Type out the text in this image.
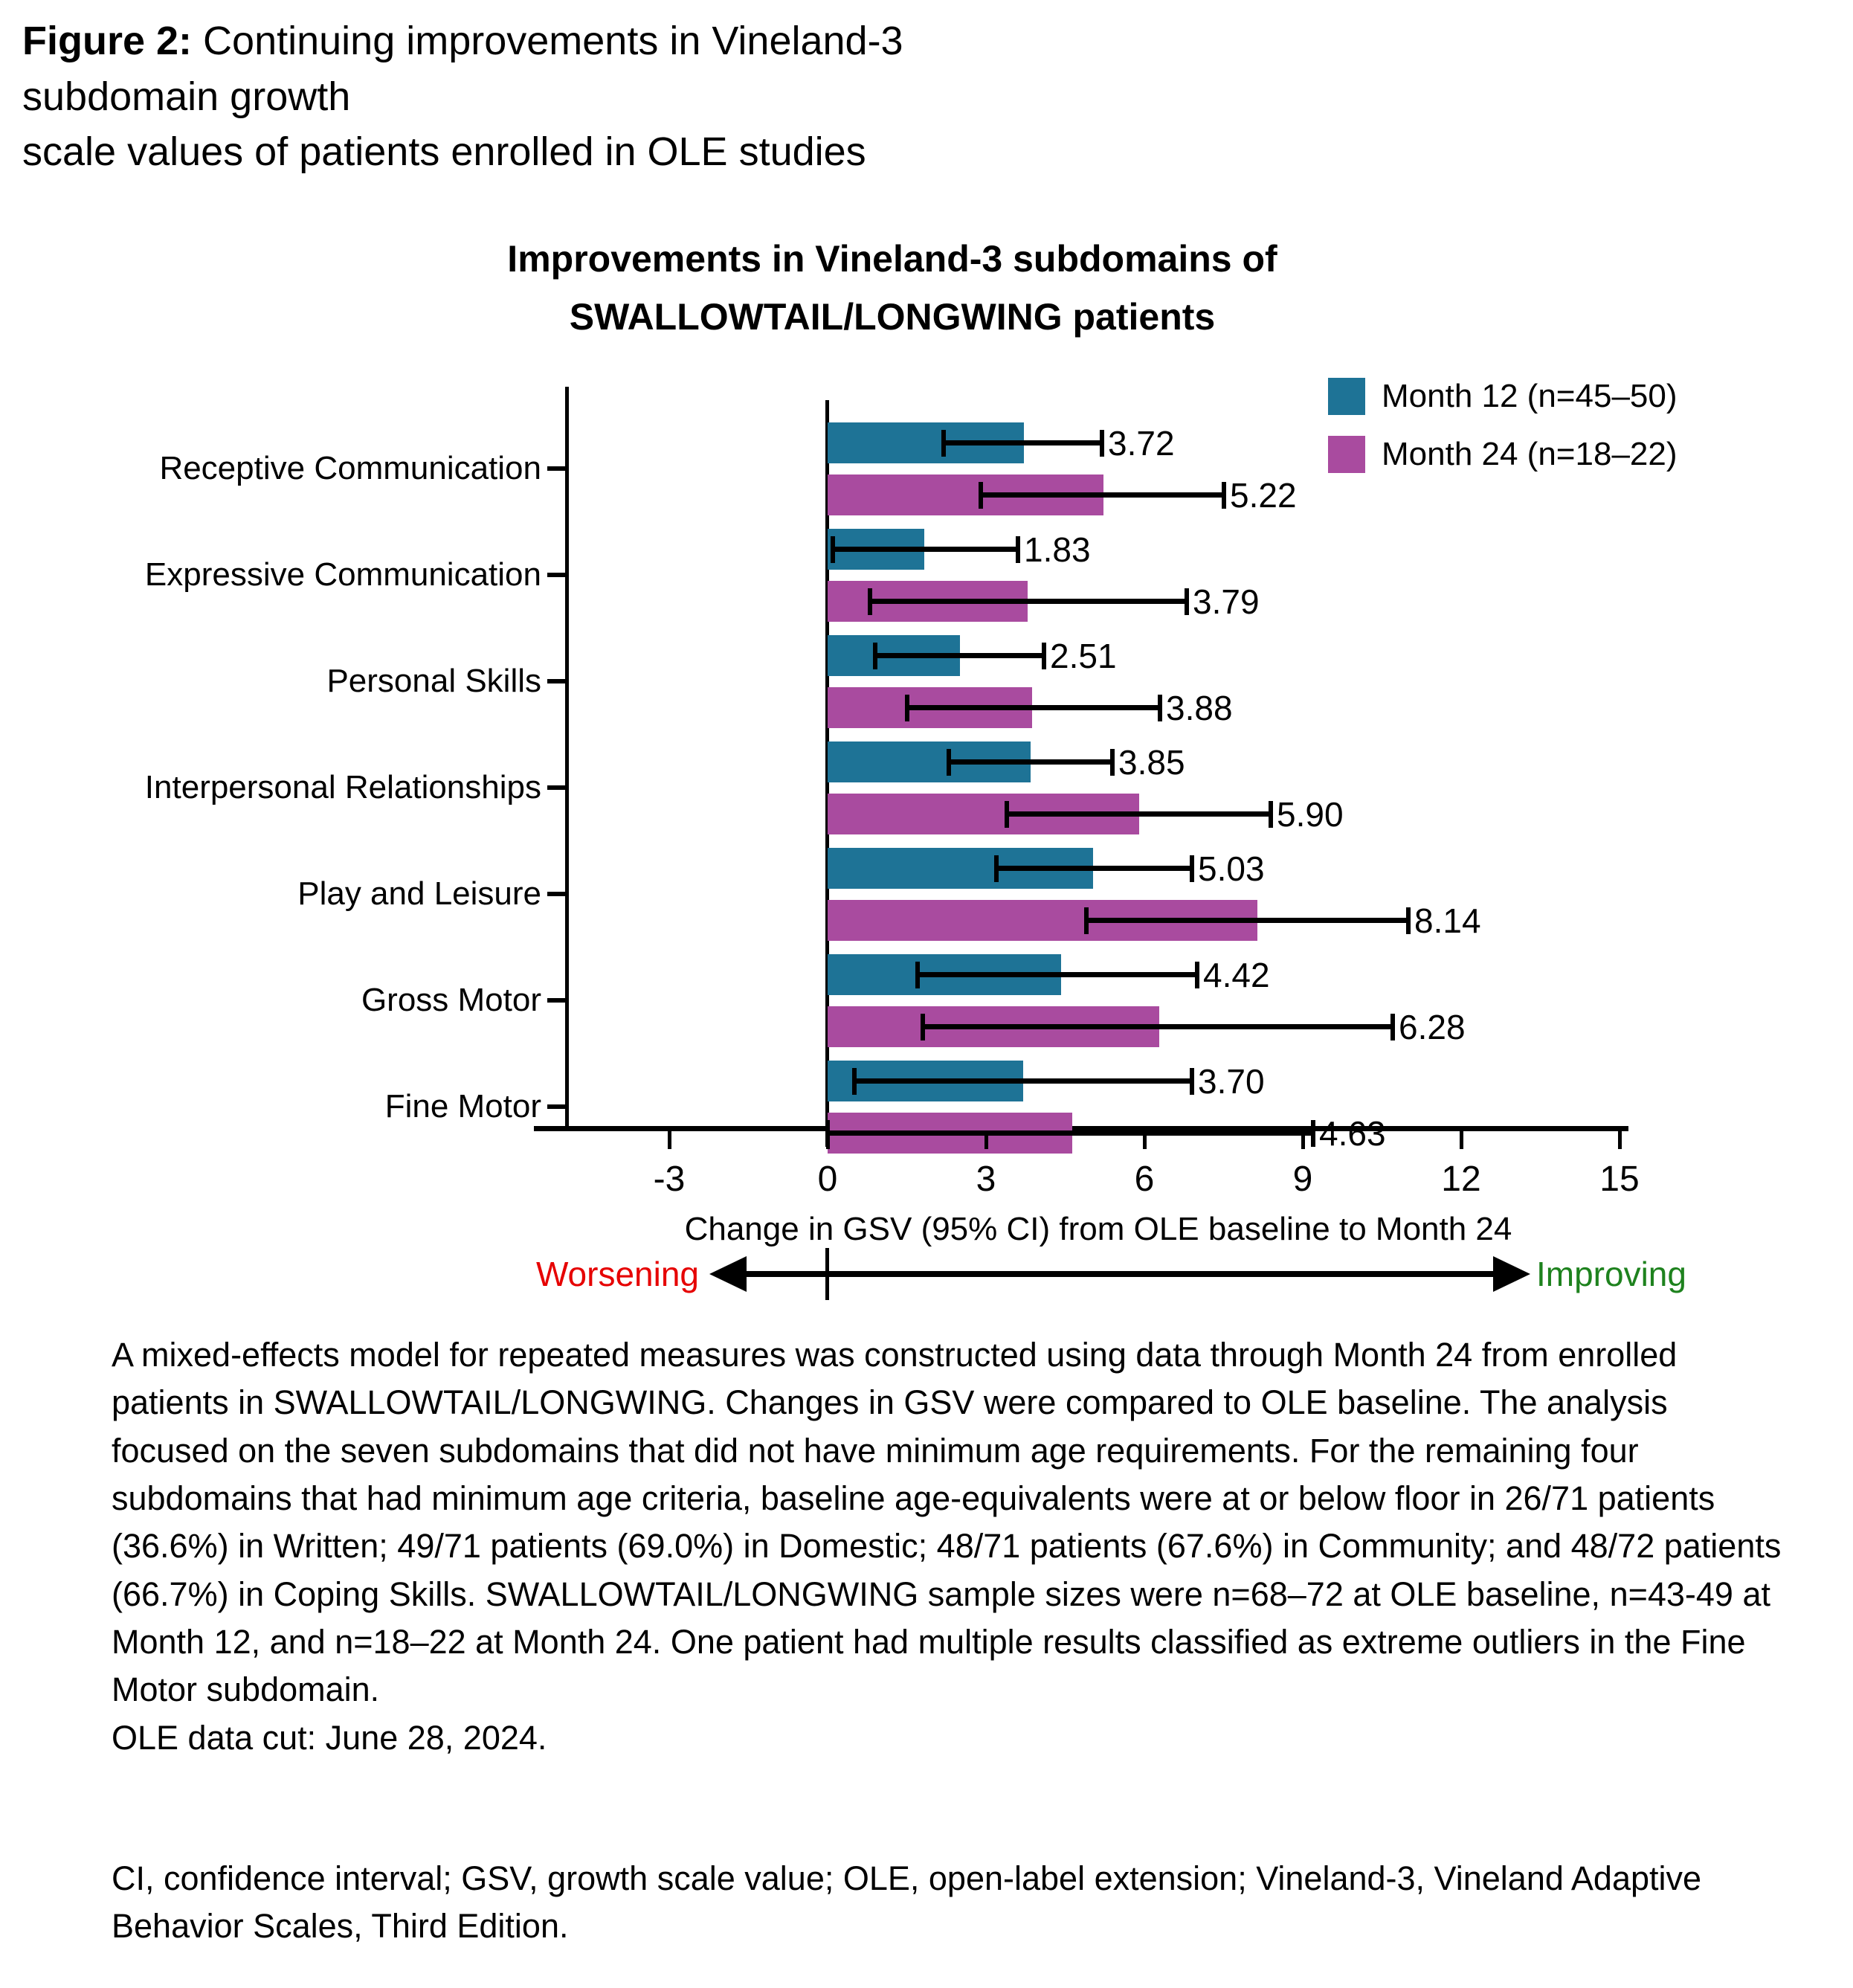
Figure 2: Continuing improvements in Vineland-3 subdomain growth
scale values of patients enrolled in OLE studies
Improvements in Vineland-3 subdomains of
SWALLOWTAIL/LONGWING patients
Receptive Communication
Expressive Communication
Personal Skills
Interpersonal Relationships
Play and Leisure
Gross Motor
Fine Motor
3.72
1.83
2.51
3.85
5.03
4.42
3.70
5.22
3.79
3.88
5.90
8.14
6.28
4.63
-3	0	3	6	9	12	15
Month 12 (n=45–50)
Month 24 (n=18–22)
Change in GSV (95% CI) from OLE baseline to Month 24
Worsening	Improving
A mixed-effects model for repeated measures was constructed using data through Month 24 from enrolled patients in SWALLOWTAIL/LONGWING. Changes in GSV were compared to OLE baseline. The analysis focused on the seven subdomains that did not have minimum age requirements. For the remaining four subdomains that had minimum age criteria, baseline age-equivalents were at or below floor in 26/71 patients (36.6%) in Written; 49/71 patients (69.0%) in Domestic; 48/71 patients (67.6%) in Community; and 48/72 patients (66.7%) in Coping Skills. SWALLOWTAIL/LONGWING sample sizes were n=68–72 at OLE baseline, n=43-49 at Month 12, and n=18–22 at Month 24. One patient had multiple results classified as extreme outliers in the Fine Motor subdomain.
OLE data cut: June 28, 2024.
CI, confidence interval; GSV, growth scale value; OLE, open-label extension; Vineland-3, Vineland Adaptive Behavior Scales, Third Edition.
